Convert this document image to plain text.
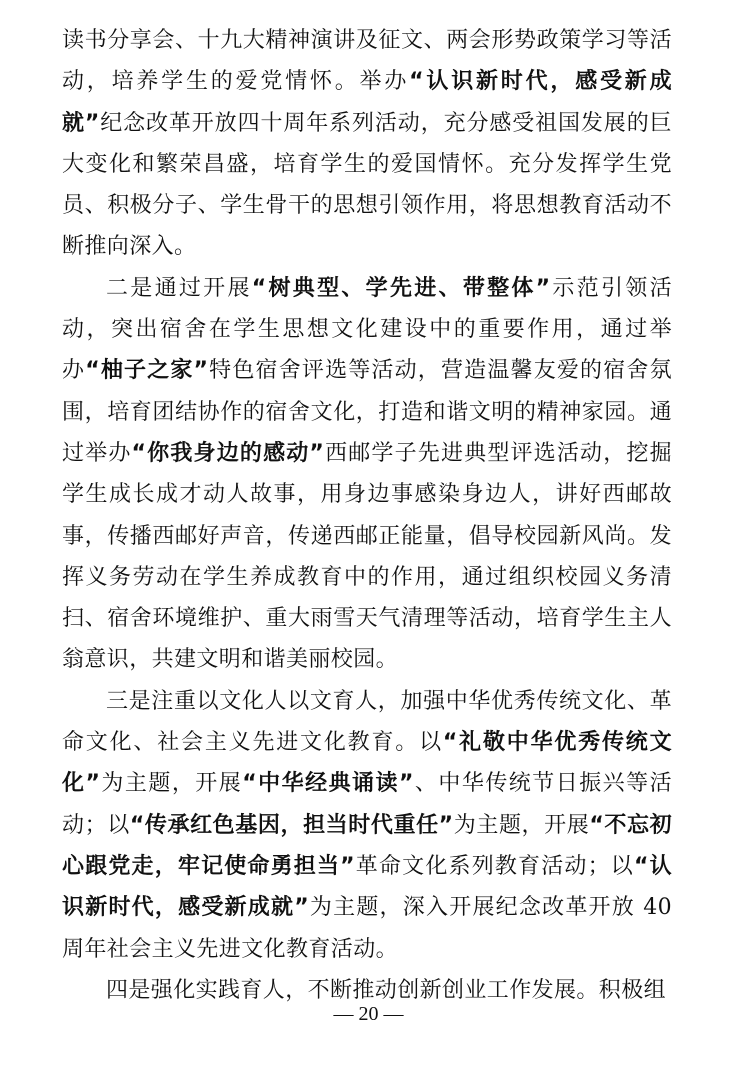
读书分享会、十九大精神演讲及征文、两会形势政策学习等活动，培养学生的爱党情怀。举办“认识新时代，感受新成就”纪念改革开放四十周年系列活动，充分感受祖国发展的巨大变化和繁荣昌盛，培育学生的爱国情怀。充分发挥学生党员、积极分子、学生骨干的思想引领作用，将思想教育活动不断推向深入。

二是通过开展“树典型、学先进、带整体”示范引领活动，突出宿舍在学生思想文化建设中的重要作用，通过举办“柚子之家”特色宿舍评选等活动，营造温馨友爱的宿舍氛围，培育团结协作的宿舍文化，打造和谐文明的精神家园。通过举办“你我身边的感动”西邮学子先进典型评选活动，挖掘学生成长成才动人故事，用身边事感染身边人，讲好西邮故事，传播西邮好声音，传递西邮正能量，倡导校园新风尚。发挥义务劳动在学生养成教育中的作用，通过组织校园义务清扫、宿舍环境维护、重大雨雪天气清理等活动，培育学生主人翁意识，共建文明和谐美丽校园。

三是注重以文化人以文育人，加强中华优秀传统文化、革命文化、社会主义先进文化教育。以“礼敬中华优秀传统文化”为主题，开展“中华经典诵读”、中华传统节日振兴等活动；以“传承红色基因，担当时代重任”为主题，开展“不忘初心跟党走，牢记使命勇担当”革命文化系列教育活动；以“认识新时代，感受新成就”为主题，深入开展纪念改革开放 40 周年社会主义先进文化教育活动。

四是强化实践育人，不断推动创新创业工作发展。积极组

— 20 —
